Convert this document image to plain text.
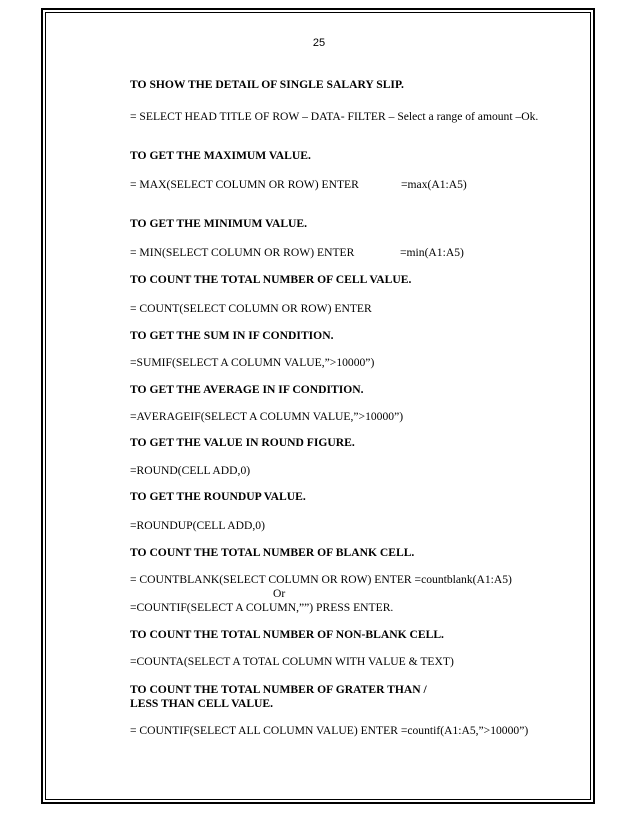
25
TO SHOW THE DETAIL OF SINGLE SALARY SLIP.
= SELECT HEAD TITLE OF ROW – DATA- FILTER – Select a range of amount –Ok.
TO GET THE MAXIMUM VALUE.
= MAX(SELECT COLUMN OR ROW) ENTER	=max(A1:A5)
TO GET THE MINIMUM VALUE.
= MIN(SELECT COLUMN OR ROW) ENTER	=min(A1:A5)
TO COUNT THE TOTAL NUMBER OF CELL VALUE.
= COUNT(SELECT COLUMN OR ROW) ENTER
TO GET THE SUM IN IF CONDITION.
=SUMIF(SELECT A COLUMN VALUE,”>10000”)
TO GET THE AVERAGE IN IF CONDITION.
=AVERAGEIF(SELECT A COLUMN VALUE,”>10000”)
TO GET THE VALUE IN ROUND FIGURE.
=ROUND(CELL ADD,0)
TO GET THE ROUNDUP VALUE.
=ROUNDUP(CELL ADD,0)
TO COUNT THE TOTAL NUMBER OF BLANK CELL.
= COUNTBLANK(SELECT COLUMN OR ROW) ENTER =countblank(A1:A5)
Or
=COUNTIF(SELECT A COLUMN,””) PRESS ENTER.
TO COUNT THE TOTAL NUMBER OF NON-BLANK CELL.
=COUNTA(SELECT A TOTAL COLUMN WITH VALUE & TEXT)
TO COUNT THE TOTAL NUMBER OF GRATER THAN /
LESS THAN CELL VALUE.
= COUNTIF(SELECT ALL COLUMN VALUE) ENTER =countif(A1:A5,”>10000”)
